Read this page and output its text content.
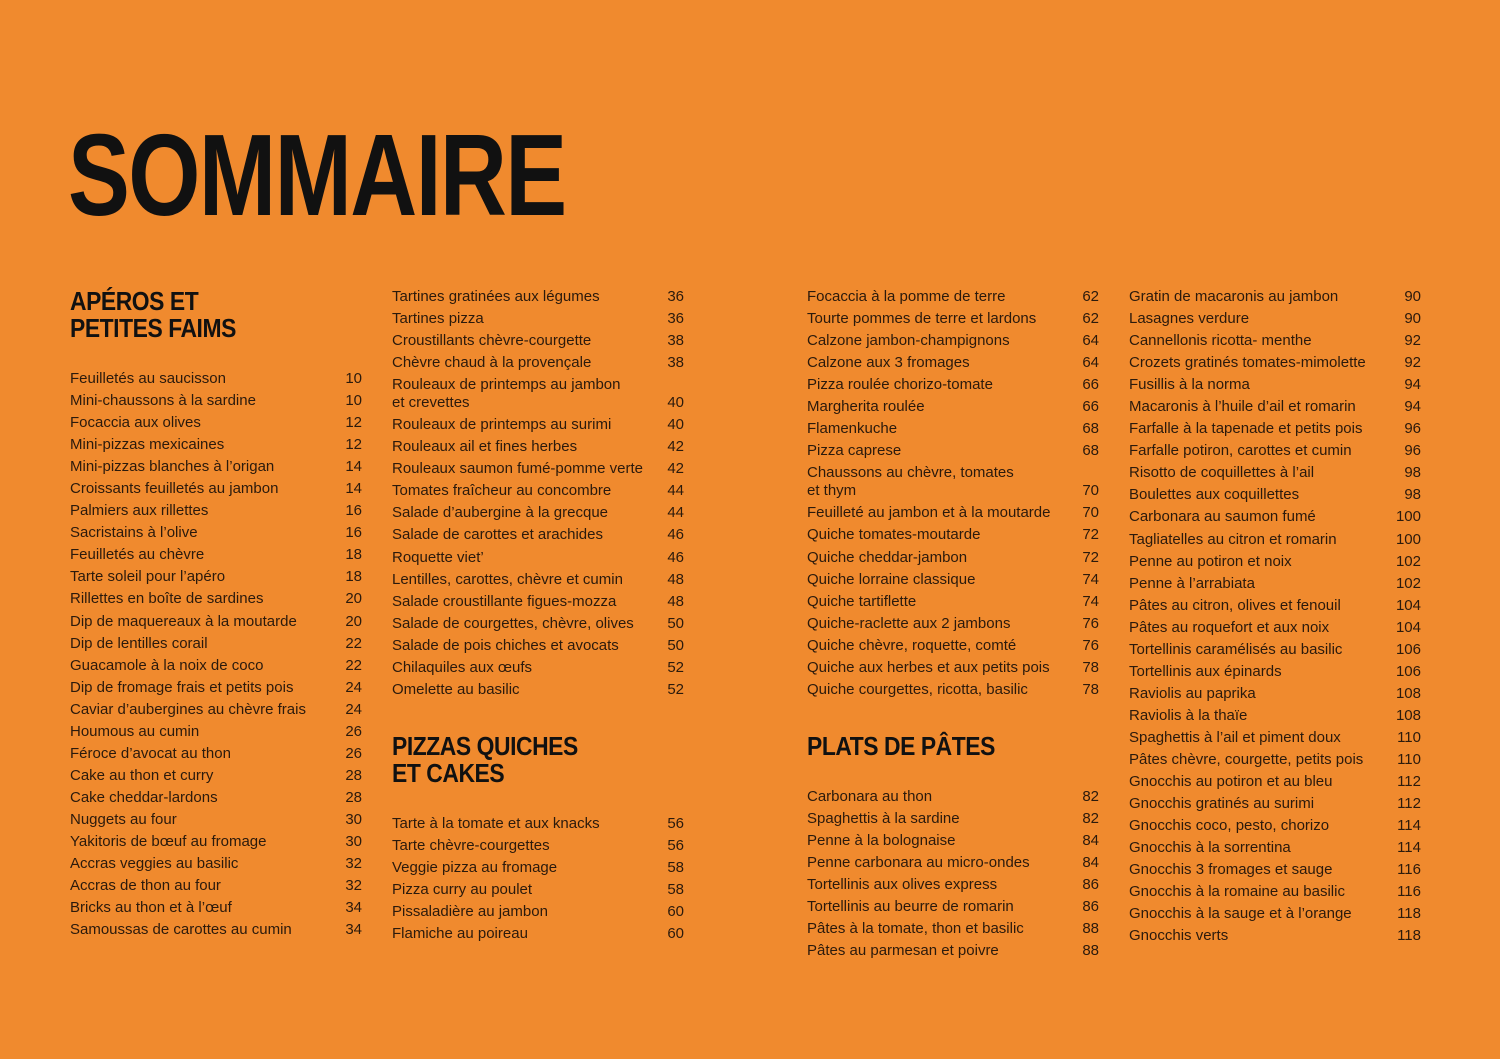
SOMMAIRE
APÉROS ET
PETITES FAIMS
Feuilletés au saucisson	10
Mini-chaussons à la sardine	10
Focaccia aux olives	12
Mini-pizzas mexicaines	12
Mini-pizzas blanches à l’origan	14
Croissants feuilletés au jambon	14
Palmiers aux rillettes	16
Sacristains à l’olive	16
Feuilletés au chèvre	18
Tarte soleil pour l’apéro	18
Rillettes en boîte de sardines	20
Dip de maquereaux à la moutarde	20
Dip de lentilles corail	22
Guacamole à la noix de coco	22
Dip de fromage frais et petits pois	24
Caviar d’aubergines au chèvre frais	24
Houmous au cumin	26
Féroce d’avocat au thon	26
Cake au thon et curry	28
Cake cheddar-lardons	28
Nuggets au four	30
Yakitoris de bœuf au fromage	30
Accras veggies au basilic	32
Accras de thon au four	32
Bricks au thon et à l’œuf	34
Samoussas de carottes au cumin	34
Tartines gratinées aux légumes	36
Tartines pizza	36
Croustillants chèvre-courgette	38
Chèvre chaud à la provençale	38
Rouleaux de printemps au jambon
et crevettes	40
Rouleaux de printemps au surimi	40
Rouleaux ail et fines herbes	42
Rouleaux saumon fumé-pomme verte	42
Tomates fraîcheur au concombre	44
Salade d’aubergine à la grecque	44
Salade de carottes et arachides	46
Roquette viet’	46
Lentilles, carottes, chèvre et cumin	48
Salade croustillante figues-mozza	48
Salade de courgettes, chèvre, olives	50
Salade de pois chiches et avocats	50
Chilaquiles aux œufs	52
Omelette au basilic	52
PIZZAS QUICHES
ET CAKES
Tarte à la tomate et aux knacks	56
Tarte chèvre-courgettes	56
Veggie pizza au fromage	58
Pizza curry au poulet	58
Pissaladière au jambon	60
Flamiche au poireau	60
Focaccia à la pomme de terre	62
Tourte pommes de terre et lardons	62
Calzone jambon-champignons	64
Calzone aux 3 fromages	64
Pizza roulée chorizo-tomate	66
Margherita roulée	66
Flamenkuche	68
Pizza caprese	68
Chaussons au chèvre, tomates
et thym	70
Feuilleté au jambon et à la moutarde	70
Quiche tomates-moutarde	72
Quiche cheddar-jambon	72
Quiche lorraine classique	74
Quiche tartiflette	74
Quiche-raclette aux 2 jambons	76
Quiche chèvre, roquette, comté	76
Quiche aux herbes et aux petits pois	78
Quiche courgettes, ricotta, basilic	78
PLATS DE PÂTES
Carbonara au thon	82
Spaghettis à la sardine	82
Penne à la bolognaise	84
Penne carbonara au micro-ondes	84
Tortellinis aux olives express	86
Tortellinis au beurre de romarin	86
Pâtes à la tomate, thon et basilic	88
Pâtes au parmesan et poivre	88
Gratin de macaronis au jambon	90
Lasagnes verdure	90
Cannellonis ricotta- menthe	92
Crozets gratinés tomates-mimolette	92
Fusillis à la norma	94
Macaronis à l’huile d’ail et romarin	94
Farfalle à la tapenade et petits pois	96
Farfalle potiron, carottes et cumin	96
Risotto de coquillettes à l’ail	98
Boulettes aux coquillettes	98
Carbonara au saumon fumé	100
Tagliatelles au citron et romarin	100
Penne au potiron et noix	102
Penne à l’arrabiata	102
Pâtes au citron, olives et fenouil	104
Pâtes au roquefort et aux noix	104
Tortellinis caramélisés au basilic	106
Tortellinis aux épinards	106
Raviolis au paprika	108
Raviolis à la thaïe	108
Spaghettis à l’ail et piment doux	110
Pâtes chèvre, courgette, petits pois 110
Gnocchis au potiron et au bleu	112
Gnocchis gratinés au surimi	112
Gnocchis coco, pesto, chorizo	114
Gnocchis à la sorrentina	114
Gnocchis 3 fromages et sauge	116
Gnocchis à la romaine au basilic	116
Gnocchis à la sauge et à l’orange	118
Gnocchis verts	118
